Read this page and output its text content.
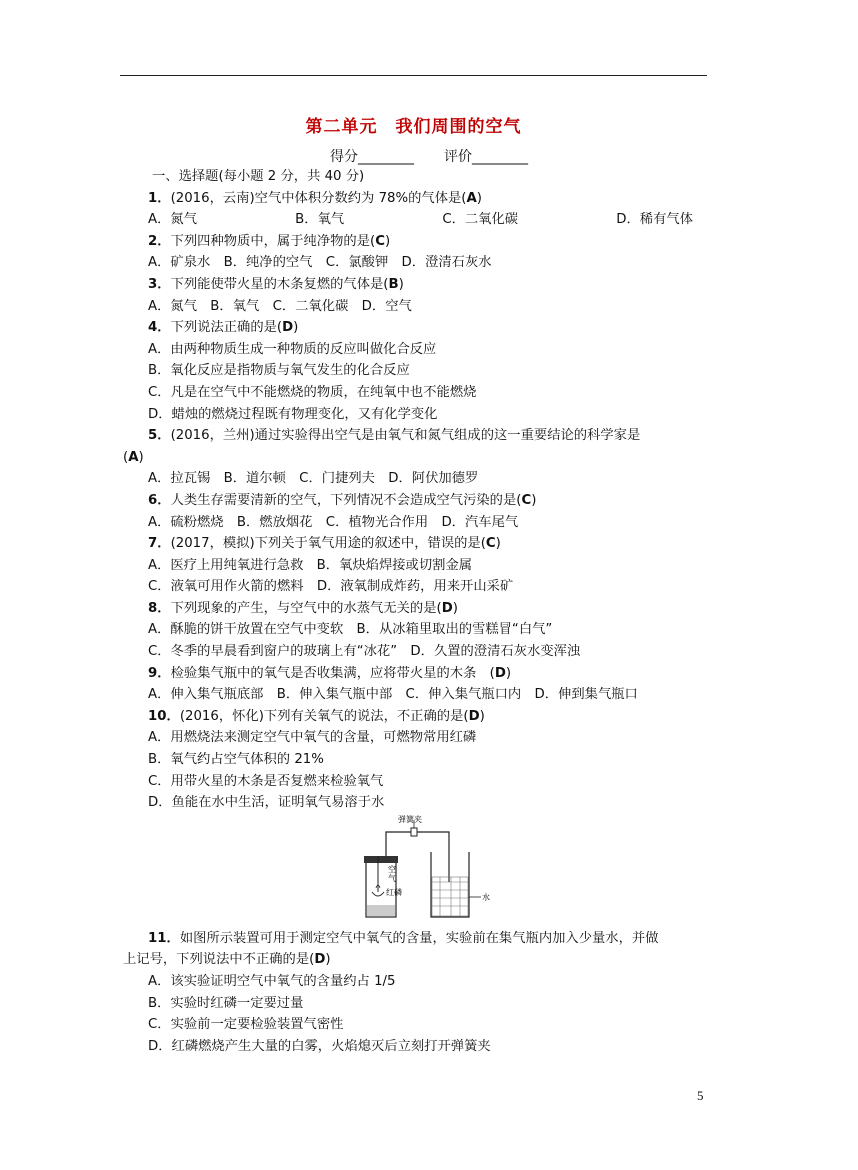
第二单元　我们周围的空气
得分________ 评价________
一、选择题(每小题 2 分，共 40 分)
1．(2016，云南)空气中体积分数约为 78%的气体是(A)
A．氮气	B．氧气	C．二氧化碳	D．稀有气体
2．下列四种物质中，属于纯净物的是(C)
A．矿泉水　B．纯净的空气　C．氯酸钾　D．澄清石灰水
3．下列能使带火星的木条复燃的气体是(B)
A．氮气　B．氧气　C．二氧化碳　D．空气
4．下列说法正确的是(D)
A．由两种物质生成一种物质的反应叫做化合反应
B．氧化反应是指物质与氧气发生的化合反应
C．凡是在空气中不能燃烧的物质，在纯氧中也不能燃烧
D．蜡烛的燃烧过程既有物理变化，又有化学变化
5．(2016，兰州)通过实验得出空气是由氧气和氮气组成的这一重要结论的科学家是
(A)
A．拉瓦锡　B．道尔顿　C．门捷列夫　D．阿伏加德罗
6．人类生存需要清新的空气，下列情况不会造成空气污染的是(C)
A．硫粉燃烧　B．燃放烟花　C．植物光合作用　D．汽车尾气
7．(2017，模拟)下列关于氧气用途的叙述中，错误的是(C)
A．医疗上用纯氧进行急救　B．氧炔焰焊接或切割金属
C．液氧可用作火箭的燃料　D．液氧制成炸药，用来开山采矿
8．下列现象的产生，与空气中的水蒸气无关的是(D)
A．酥脆的饼干放置在空气中变软　B．从冰箱里取出的雪糕冒“白气”
C．冬季的早晨看到窗户的玻璃上有“冰花”　D．久置的澄清石灰水变浑浊
9．检验集气瓶中的氧气是否收集满，应将带火星的木条　(D)
A．伸入集气瓶底部　B．伸入集气瓶中部　C．伸入集气瓶口内　D．伸到集气瓶口
10．(2016，怀化)下列有关氧气的说法，不正确的是(D)
A．用燃烧法来测定空气中氧气的含量，可燃物常用红磷
B．氧气约占空气体积的 21%
C．用带火星的木条是否复燃来检验氧气
D．鱼能在水中生活，证明氧气易溶于水
弹簧夹
水
空
气
红 磷
11．如图所示装置可用于测定空气中氧气的含量，实验前在集气瓶内加入少量水，并做
上记号，下列说法中不正确的是(D)
A．该实验证明空气中氧气的含量约占 1/5
B．实验时红磷一定要过量
C．实验前一定要检验装置气密性
D．红磷燃烧产生大量的白雾，火焰熄灭后立刻打开弹簧夹
5
